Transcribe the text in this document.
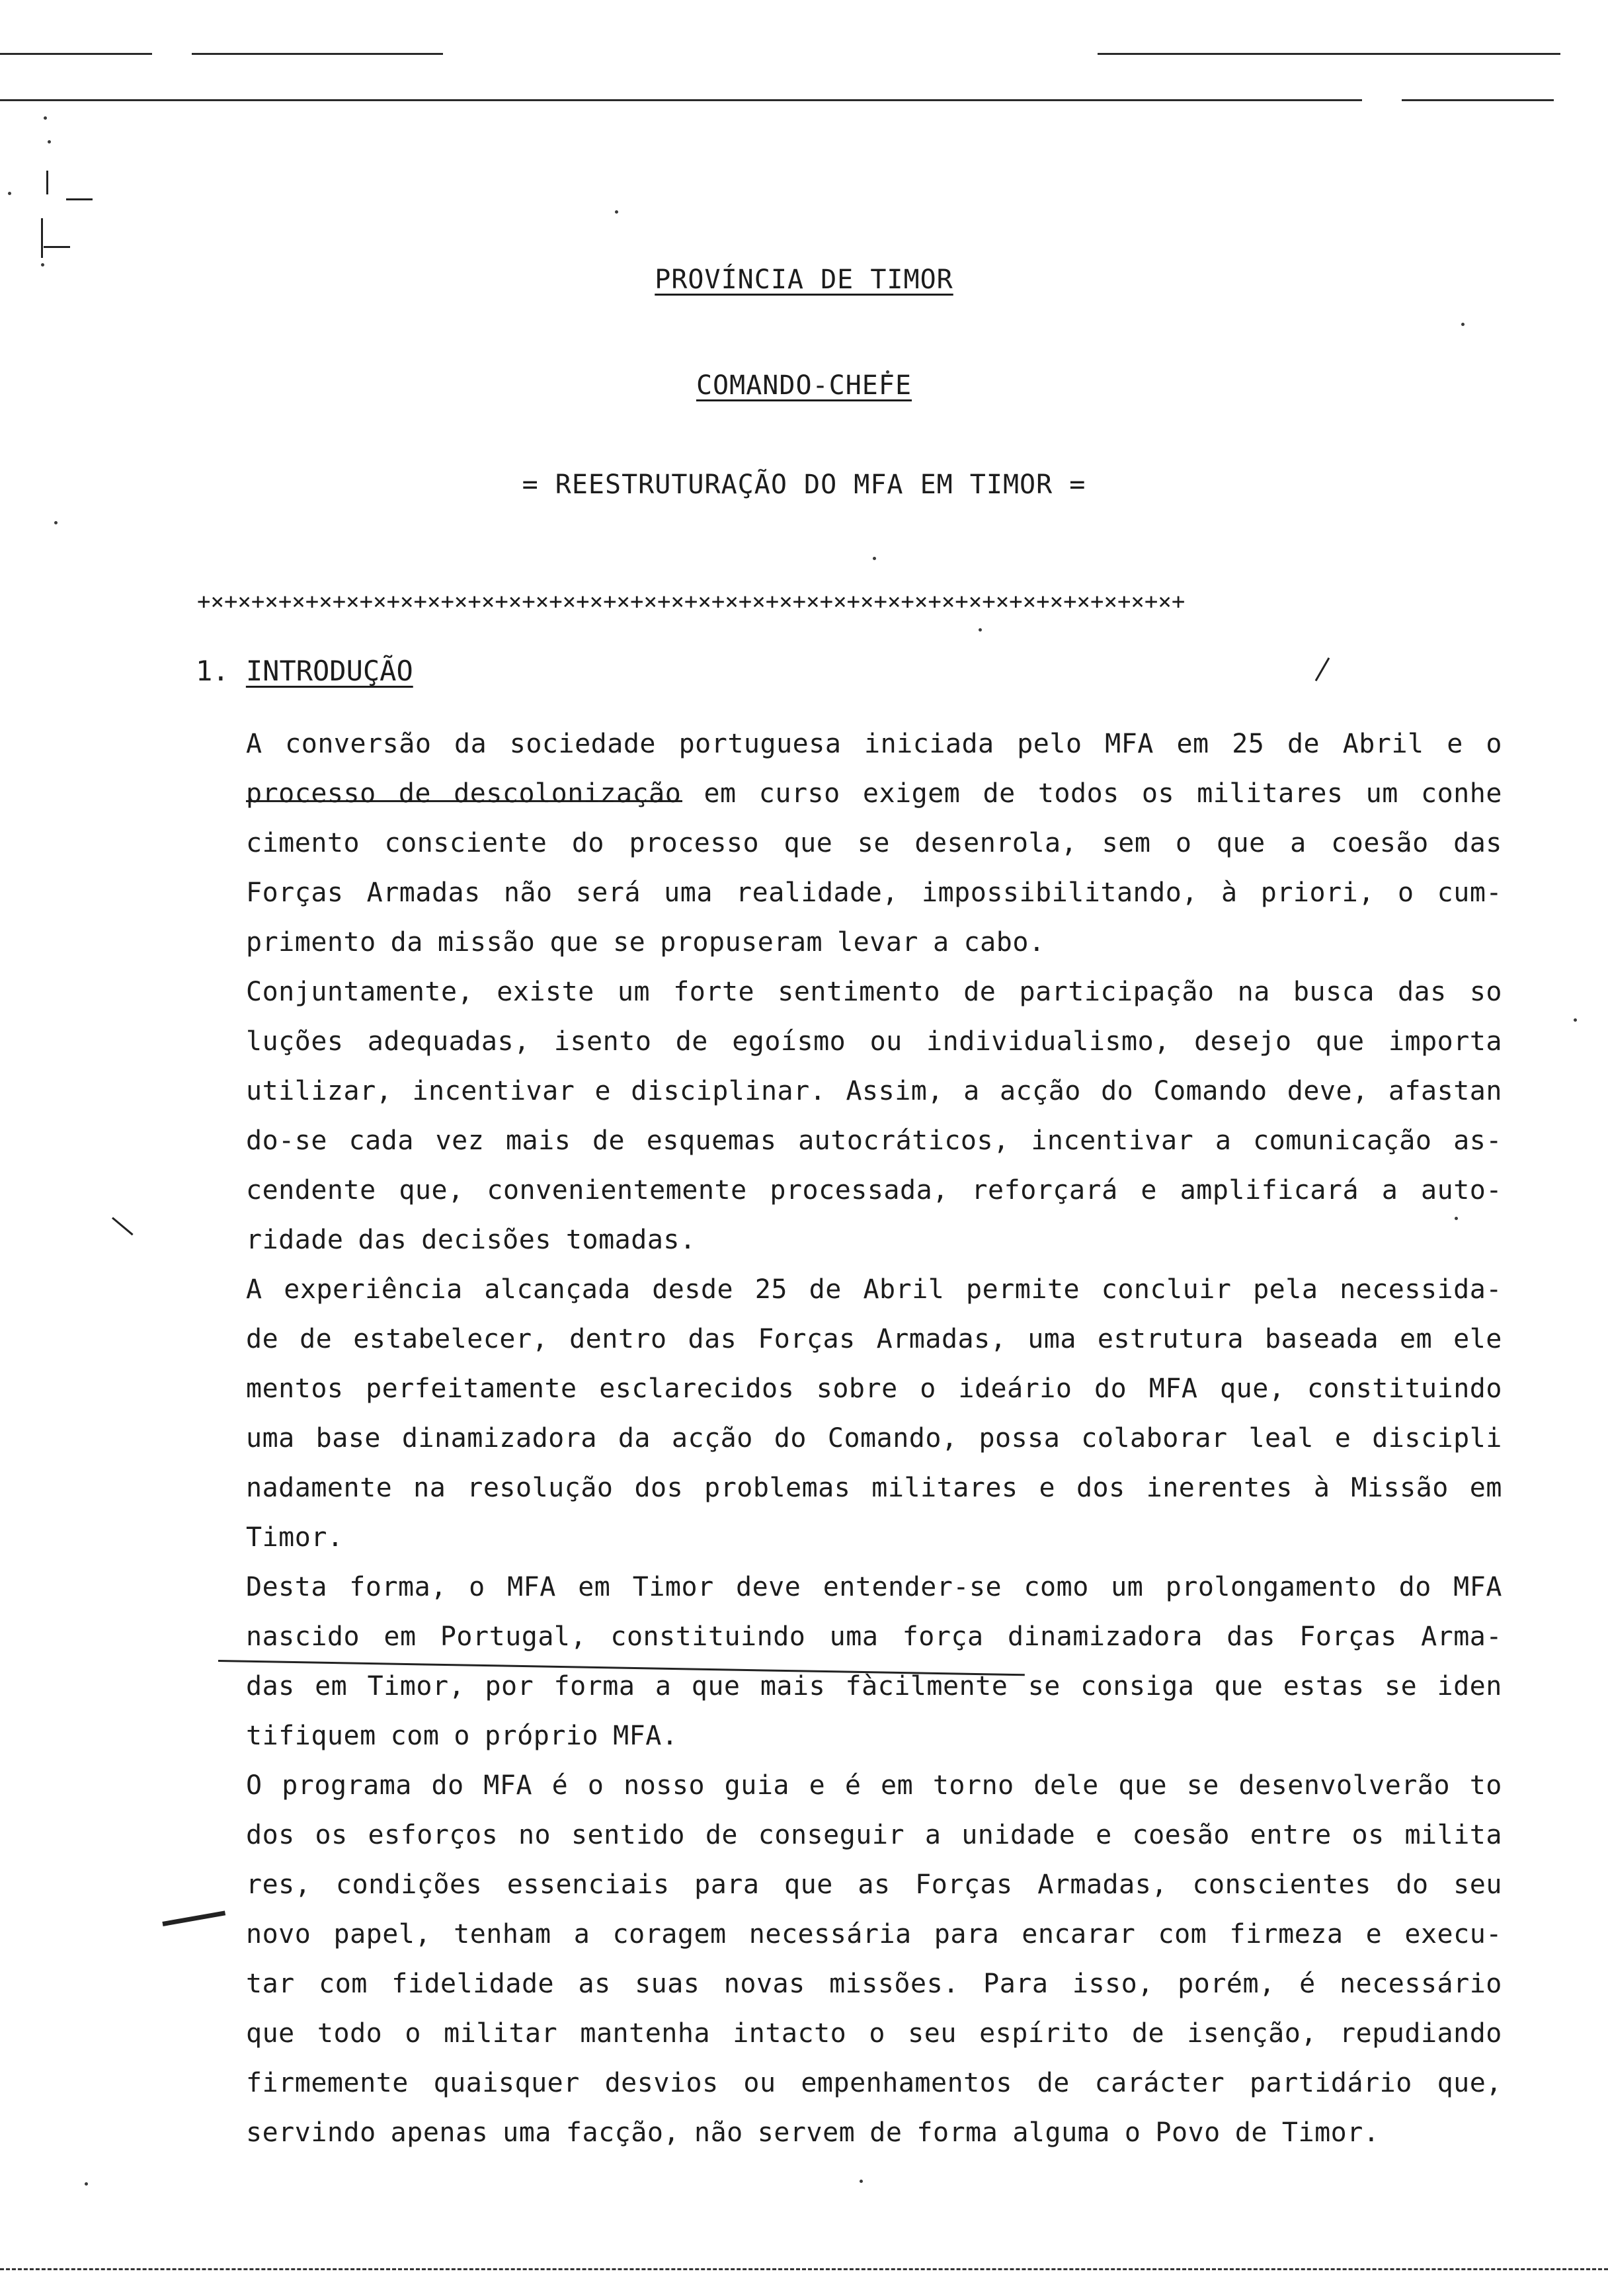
PROVÍNCIA DE TIMOR
COMANDO-CHEFE
= REESTRUTURAÇÃO DO MFA EM TIMOR =
+×+×+×+×+×+×+×+×+×+×+×+×+×+×+×+×+×+×+×+×+×+×+×+×+×+×+×+×+×+×+×+×+×+×+×+×+
1. INTRODUÇÃO
A conversão da sociedade portuguesa iniciada pelo MFA em 25 de Abril e o
processo de descolonização em curso exigem de todos os militares um conhe
cimento consciente do processo que se desenrola, sem o que a coesão das
Forças Armadas não será uma realidade, impossibilitando, à priori, o cum-
primento da missão que se propuseram levar a cabo.
Conjuntamente, existe um forte sentimento de participação na busca das so
luções adequadas, isento de egoísmo ou individualismo, desejo que importa
utilizar, incentivar e disciplinar. Assim, a acção do Comando deve, afastan
do-se cada vez mais de esquemas autocráticos, incentivar a comunicação as-
cendente que, convenientemente processada, reforçará e amplificará a auto-
ridade das decisões tomadas.
A experiência alcançada desde 25 de Abril permite concluir pela necessida-
de de estabelecer, dentro das Forças Armadas, uma estrutura baseada em ele
mentos perfeitamente esclarecidos sobre o ideário do MFA que, constituindo
uma base dinamizadora da acção do Comando, possa colaborar leal e discipli
nadamente na resolução dos problemas militares e dos inerentes à Missão em
Timor.
Desta forma, o MFA em Timor deve entender-se como um prolongamento do MFA
nascido em Portugal, constituindo uma força dinamizadora das Forças Arma-
das em Timor, por forma a que mais fàcilmente se consiga que estas se iden
tifiquem com o próprio MFA.
O programa do MFA é o nosso guia e é em torno dele que se desenvolverão to
dos os esforços no sentido de conseguir a unidade e coesão entre os milita
res, condições essenciais para que as Forças Armadas, conscientes do seu
novo papel, tenham a coragem necessária para encarar com firmeza e execu-
tar com fidelidade as suas novas missões. Para isso, porém, é necessário
que todo o militar mantenha intacto o seu espírito de isenção, repudiando
firmemente quaisquer desvios ou empenhamentos de carácter partidário que,
servindo apenas uma facção, não servem de forma alguma o Povo de Timor.
